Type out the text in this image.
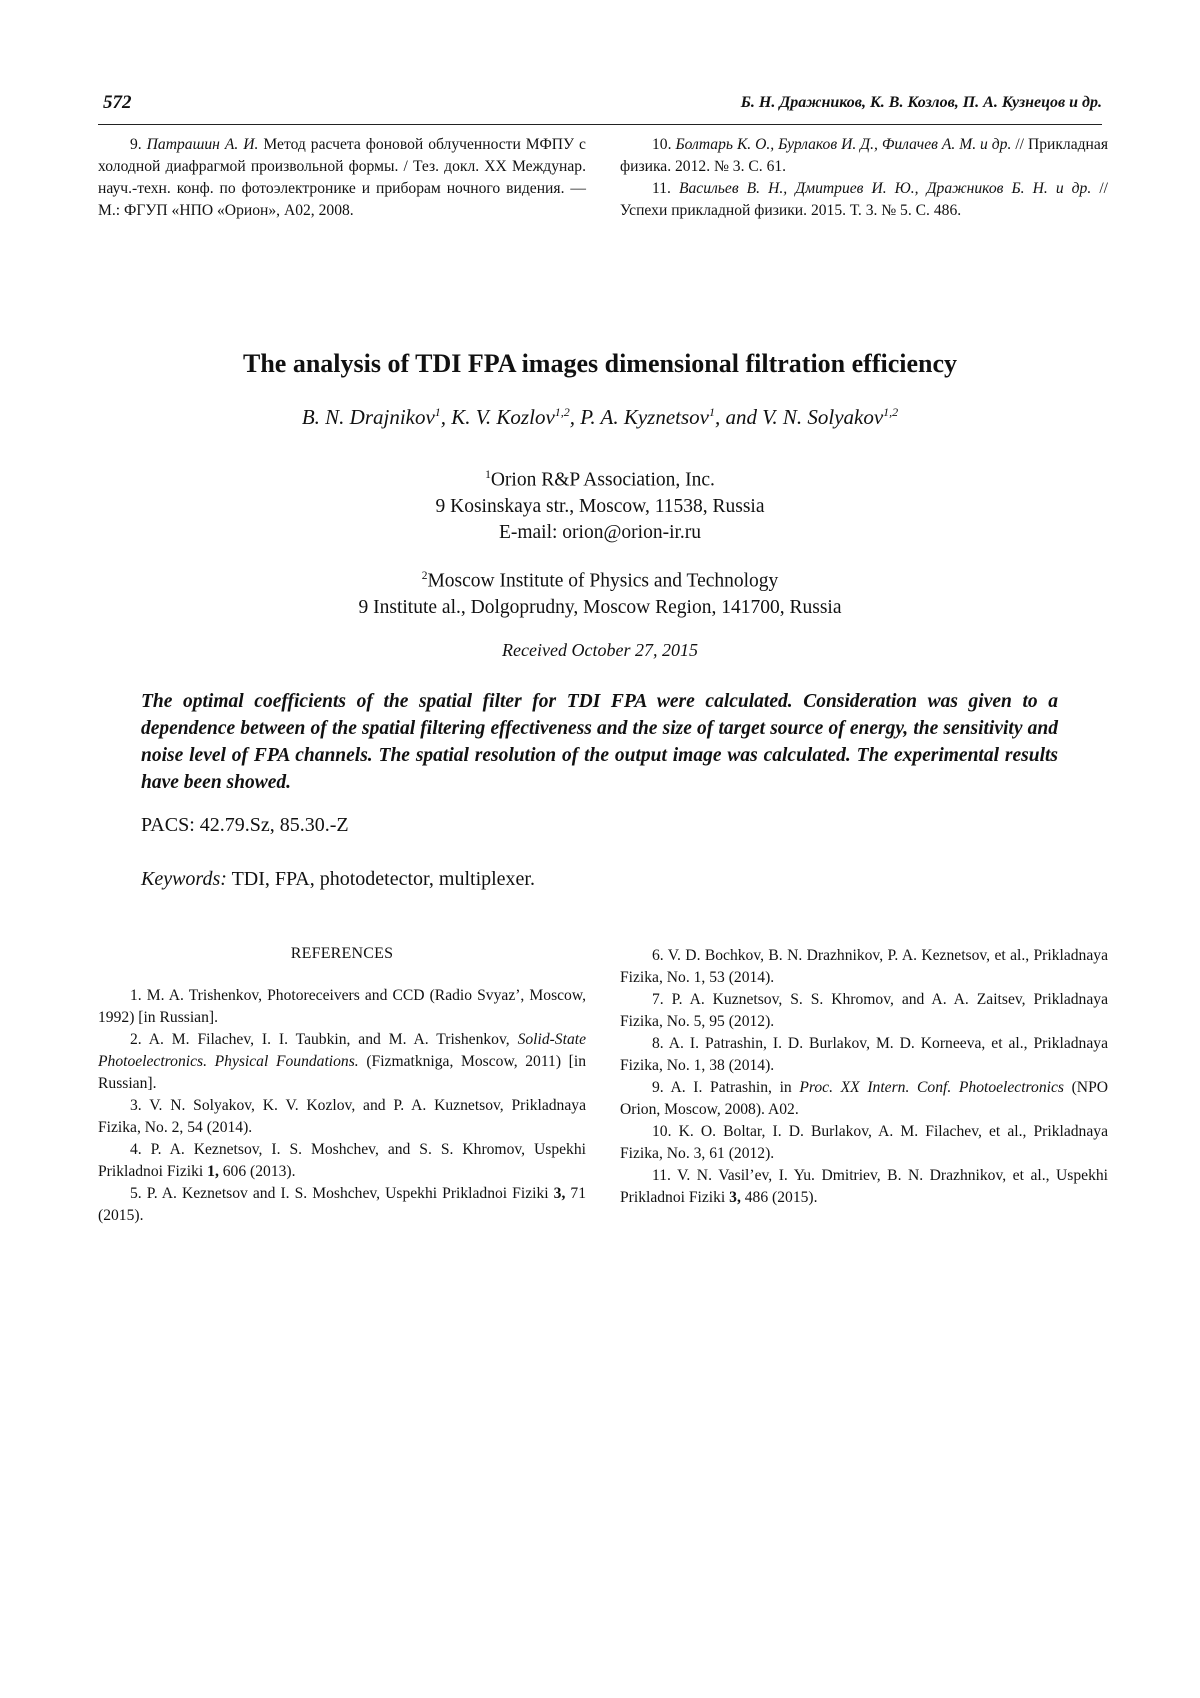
572	Б. Н. Дражников, К. В. Козлов, П. А. Кузнецов и др.

9. Патрашин А. И. Метод расчета фоновой облученности МФПУ с холодной диафрагмой произвольной формы. / Тез. докл. XX Междунар. науч.-техн. конф. по фотоэлектронике и приборам ночного видения. — М.: ФГУП «НПО «Орион», А02, 2008.

10. Болтарь К. О., Бурлаков И. Д., Филачев А. М. и др. // Прикладная физика. 2012. № 3. С. 61.

11. Васильев В. Н., Дмитриев И. Ю., Дражников Б. Н. и др. // Успехи прикладной физики. 2015. Т. 3. № 5. С. 486.

The analysis of TDI FPA images dimensional filtration efficiency
B. N. Drajnikov$^1$, K. V. Kozlov$^{1,2}$, P. A. Kyznetsov$^1$, and V. N. Solyakov$^{1,2}$
$^1$Orion R&P Association, Inc.
9 Kosinskaya str., Moscow, 11538, Russia
E-mail: orion@orion-ir.ru
$^2$Moscow Institute of Physics and Technology
9 Institute al., Dolgoprudny, Moscow Region, 141700, Russia
Received October 27, 2015
The optimal coefficients of the spatial filter for TDI FPA were calculated. Consideration was given to a dependence between of the spatial filtering effectiveness and the size of target source of energy, the sensitivity and noise level of FPA channels. The spatial resolution of the output image was calculated. The experimental results have been showed.
PACS: 42.79.Sz, 85.30.-Z
Keywords: TDI, FPA, photodetector, multiplexer.
REFERENCES

1. M. A. Trishenkov, Photoreceivers and CCD (Radio Svyaz’, Moscow, 1992) [in Russian].

2. A. M. Filachev, I. I. Taubkin, and M. A. Trishenkov, Solid-State Photoelectronics. Physical Foundations. (Fizmatkniga, Moscow, 2011) [in Russian].

3. V. N. Solyakov, K. V. Kozlov, and P. A. Kuznetsov, Prikladnaya Fizika, No. 2, 54 (2014).

4. P. A. Keznetsov, I. S. Moshchev, and S. S. Khromov, Uspekhi Prikladnoi Fiziki 1, 606 (2013).

5. P. A. Keznetsov and I. S. Moshchev, Uspekhi Prikladnoi Fiziki 3, 71 (2015).

6. V. D. Bochkov, B. N. Drazhnikov, P. A. Keznetsov, et al., Prikladnaya Fizika, No. 1, 53 (2014).

7. P. A. Kuznetsov, S. S. Khromov, and A. A. Zaitsev, Prikladnaya Fizika, No. 5, 95 (2012).

8. A. I. Patrashin, I. D. Burlakov, M. D. Korneeva, et al., Prikladnaya Fizika, No. 1, 38 (2014).

9. A. I. Patrashin, in Proc. XX Intern. Conf. Photoelectronics (NPO Orion, Moscow, 2008). A02.

10. K. O. Boltar, I. D. Burlakov, A. M. Filachev, et al., Prikladnaya Fizika, No. 3, 61 (2012).

11. V. N. Vasil’ev, I. Yu. Dmitriev, B. N. Drazhnikov, et al., Uspekhi Prikladnoi Fiziki 3, 486 (2015).
